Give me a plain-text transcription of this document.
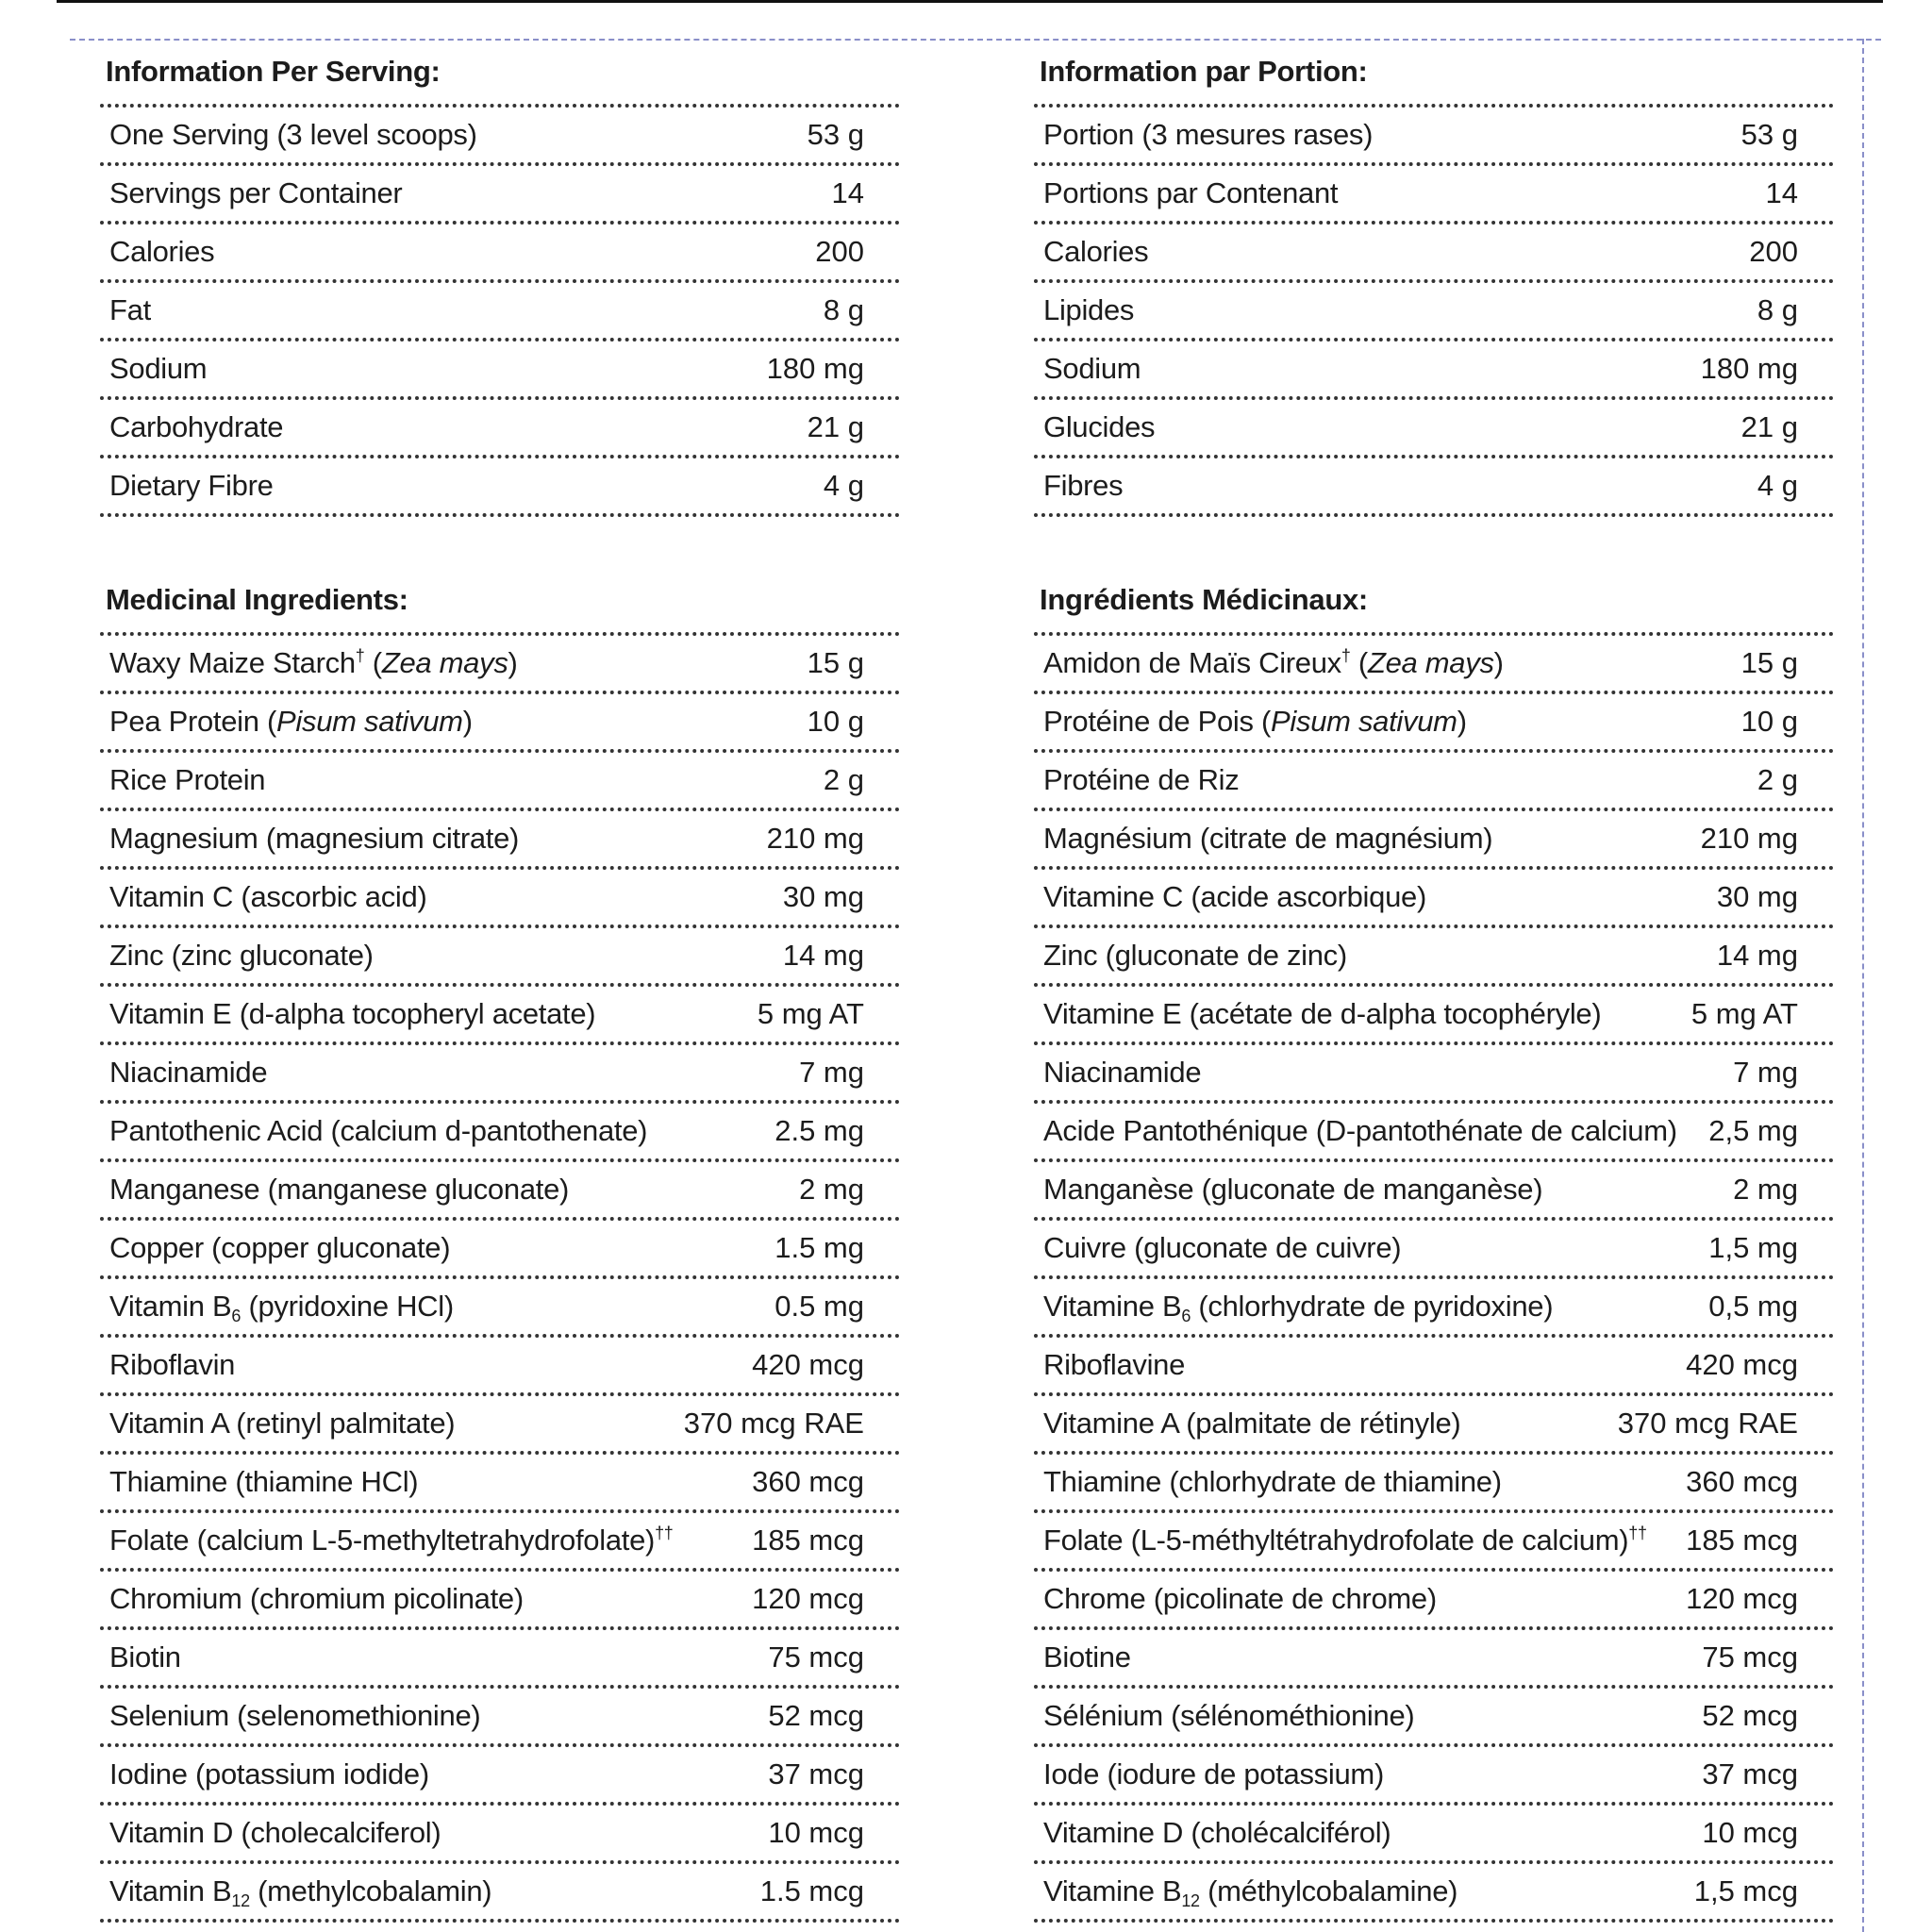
Information Per Serving:
One Serving (3 level scoops)	53 g
Servings per Container	14
Calories	200
Fat	8 g
Sodium	180 mg
Carbohydrate	21 g
Dietary Fibre	4 g
Medicinal Ingredients:
Waxy Maize Starch† (Zea mays)	15 g
Pea Protein (Pisum sativum)	10 g
Rice Protein	2 g
Magnesium (magnesium citrate)	210 mg
Vitamin C (ascorbic acid)	30 mg
Zinc (zinc gluconate)	14 mg
Vitamin E (d-alpha tocopheryl acetate)	5 mg AT
Niacinamide	7 mg
Pantothenic Acid (calcium d-pantothenate)	2.5 mg
Manganese (manganese gluconate)	2 mg
Copper (copper gluconate)	1.5 mg
Vitamin $B_6$ (pyridoxine HCl)	0.5 mg
Riboflavin	420 mcg
Vitamin A (retinyl palmitate)	370 mcg RAE
Thiamine (thiamine HCl)	360 mcg
Folate (calcium L-5-methyltetrahydrofolate)††	185 mcg
Chromium (chromium picolinate)	120 mcg
Biotin	75 mcg
Selenium (selenomethionine)	52 mcg
Iodine (potassium iodide)	37 mcg
Vitamin D (cholecalciferol)	10 mcg
Vitamin $B_{12}$ (methylcobalamin)	1.5 mcg
Information par Portion:
Portion (3 mesures rases)	53 g
Portions par Contenant	14
Calories	200
Lipides	8 g
Sodium	180 mg
Glucides	21 g
Fibres	4 g
Ingrédients Médicinaux:
Amidon de Maïs Cireux† (Zea mays)	15 g
Protéine de Pois (Pisum sativum)	10 g
Protéine de Riz	2 g
Magnésium (citrate de magnésium)	210 mg
Vitamine C (acide ascorbique)	30 mg
Zinc (gluconate de zinc)	14 mg
Vitamine E (acétate de d-alpha tocophéryle)	5 mg AT
Niacinamide	7 mg
Acide Pantothénique (D-pantothénate de calcium) 2,5 mg
Manganèse (gluconate de manganèse)	2 mg
Cuivre (gluconate de cuivre)	1,5 mg
Vitamine $B_6$ (chlorhydrate de pyridoxine)	0,5 mg
Riboflavine	420 mcg
Vitamine A (palmitate de rétinyle)	370 mcg RAE
Thiamine (chlorhydrate de thiamine)	360 mcg
Folate (L-5-méthyltétrahydrofolate de calcium)†† 185 mcg
Chrome (picolinate de chrome)	120 mcg
Biotine	75 mcg
Sélénium (sélénométhionine)	52 mcg
Iode (iodure de potassium)	37 mcg
Vitamine D (cholécalciférol)	10 mcg
Vitamine $B_{12}$ (méthylcobalamine)	1,5 mcg
